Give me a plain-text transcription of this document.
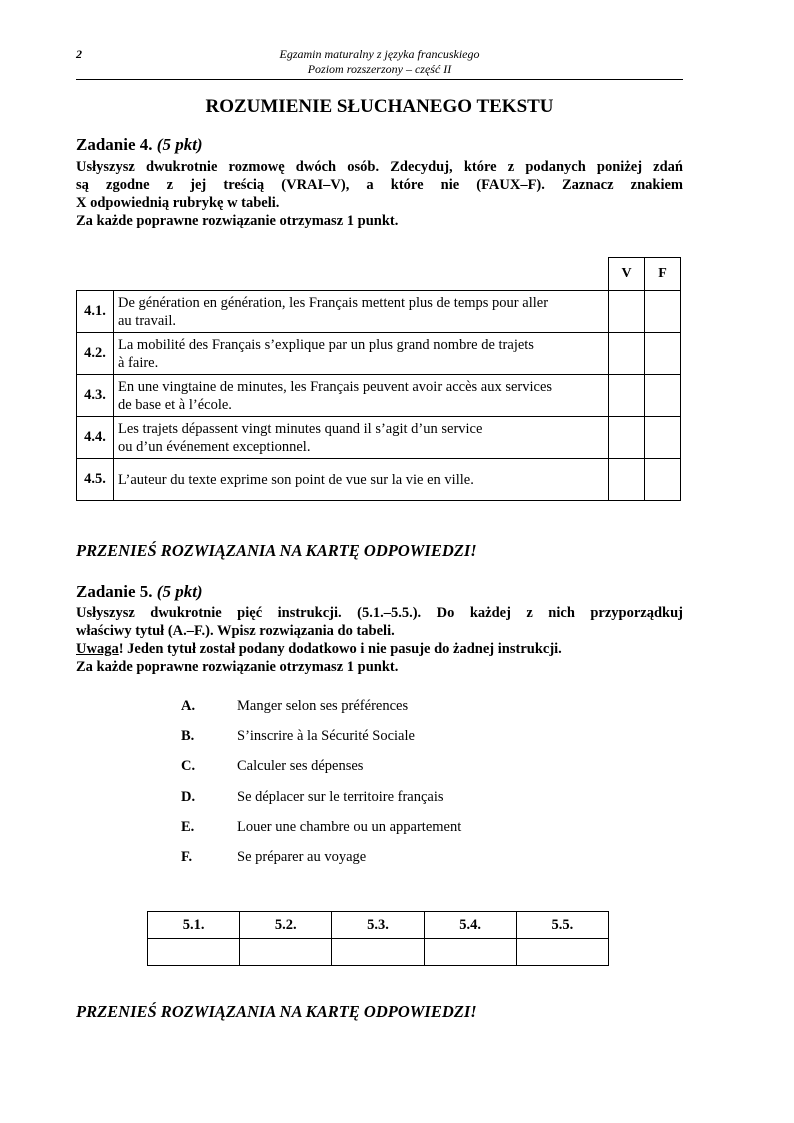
2	Egzamin maturalny z języka francuskiego
Poziom rozszerzony – część II
ROZUMIENIE SŁUCHANEGO TEKSTU
Zadanie 4. (5 pkt)

Usłyszysz dwukrotnie rozmowę dwóch osób. Zdecyduj, które z podanych poniżej zdań

są zgodne z jej treścią (VRAI–V), a które nie (FAUX–F). Zaznacz znakiem

X odpowiednią rubrykę w tabeli.

Za każde poprawne rozwiązanie otrzymasz 1 punkt.

		V	F
4.1.	De génération en génération, les Français mettent plus de temps pour aller
au travail.		

4.2.	La mobilité des Français s’explique par un plus grand nombre de trajets
à faire.		

4.3.	En une vingtaine de minutes, les Français peuvent avoir accès aux services
de base et à l’école.		

4.4.	Les trajets dépassent vingt minutes quand il s’agit d’un service
ou d’un événement exceptionnel.		

4.5.	L’auteur du texte exprime son point de vue sur la vie en ville.		

PRZENIEŚ ROZWIĄZANIA NA KARTĘ ODPOWIEDZI!
Zadanie 5. (5 pkt)

Usłyszysz dwukrotnie pięć instrukcji. (5.1.–5.5.). Do każdej z nich przyporządkuj

właściwy tytuł (A.–F.). Wpisz rozwiązania do tabeli.

Uwaga! Jeden tytuł został podany dodatkowo i nie pasuje do żadnej instrukcji.

Za każde poprawne rozwiązanie otrzymasz 1 punkt.

A.	Manger selon ses préférences
B.	S’inscrire à la Sécurité Sociale
C.	Calculer ses dépenses
D.	Se déplacer sur le territoire français
E.	Louer une chambre ou un appartement
F.	Se préparer au voyage
5.1.	5.2.	5.3.	5.4.	5.5.

PRZENIEŚ ROZWIĄZANIA NA KARTĘ ODPOWIEDZI!
